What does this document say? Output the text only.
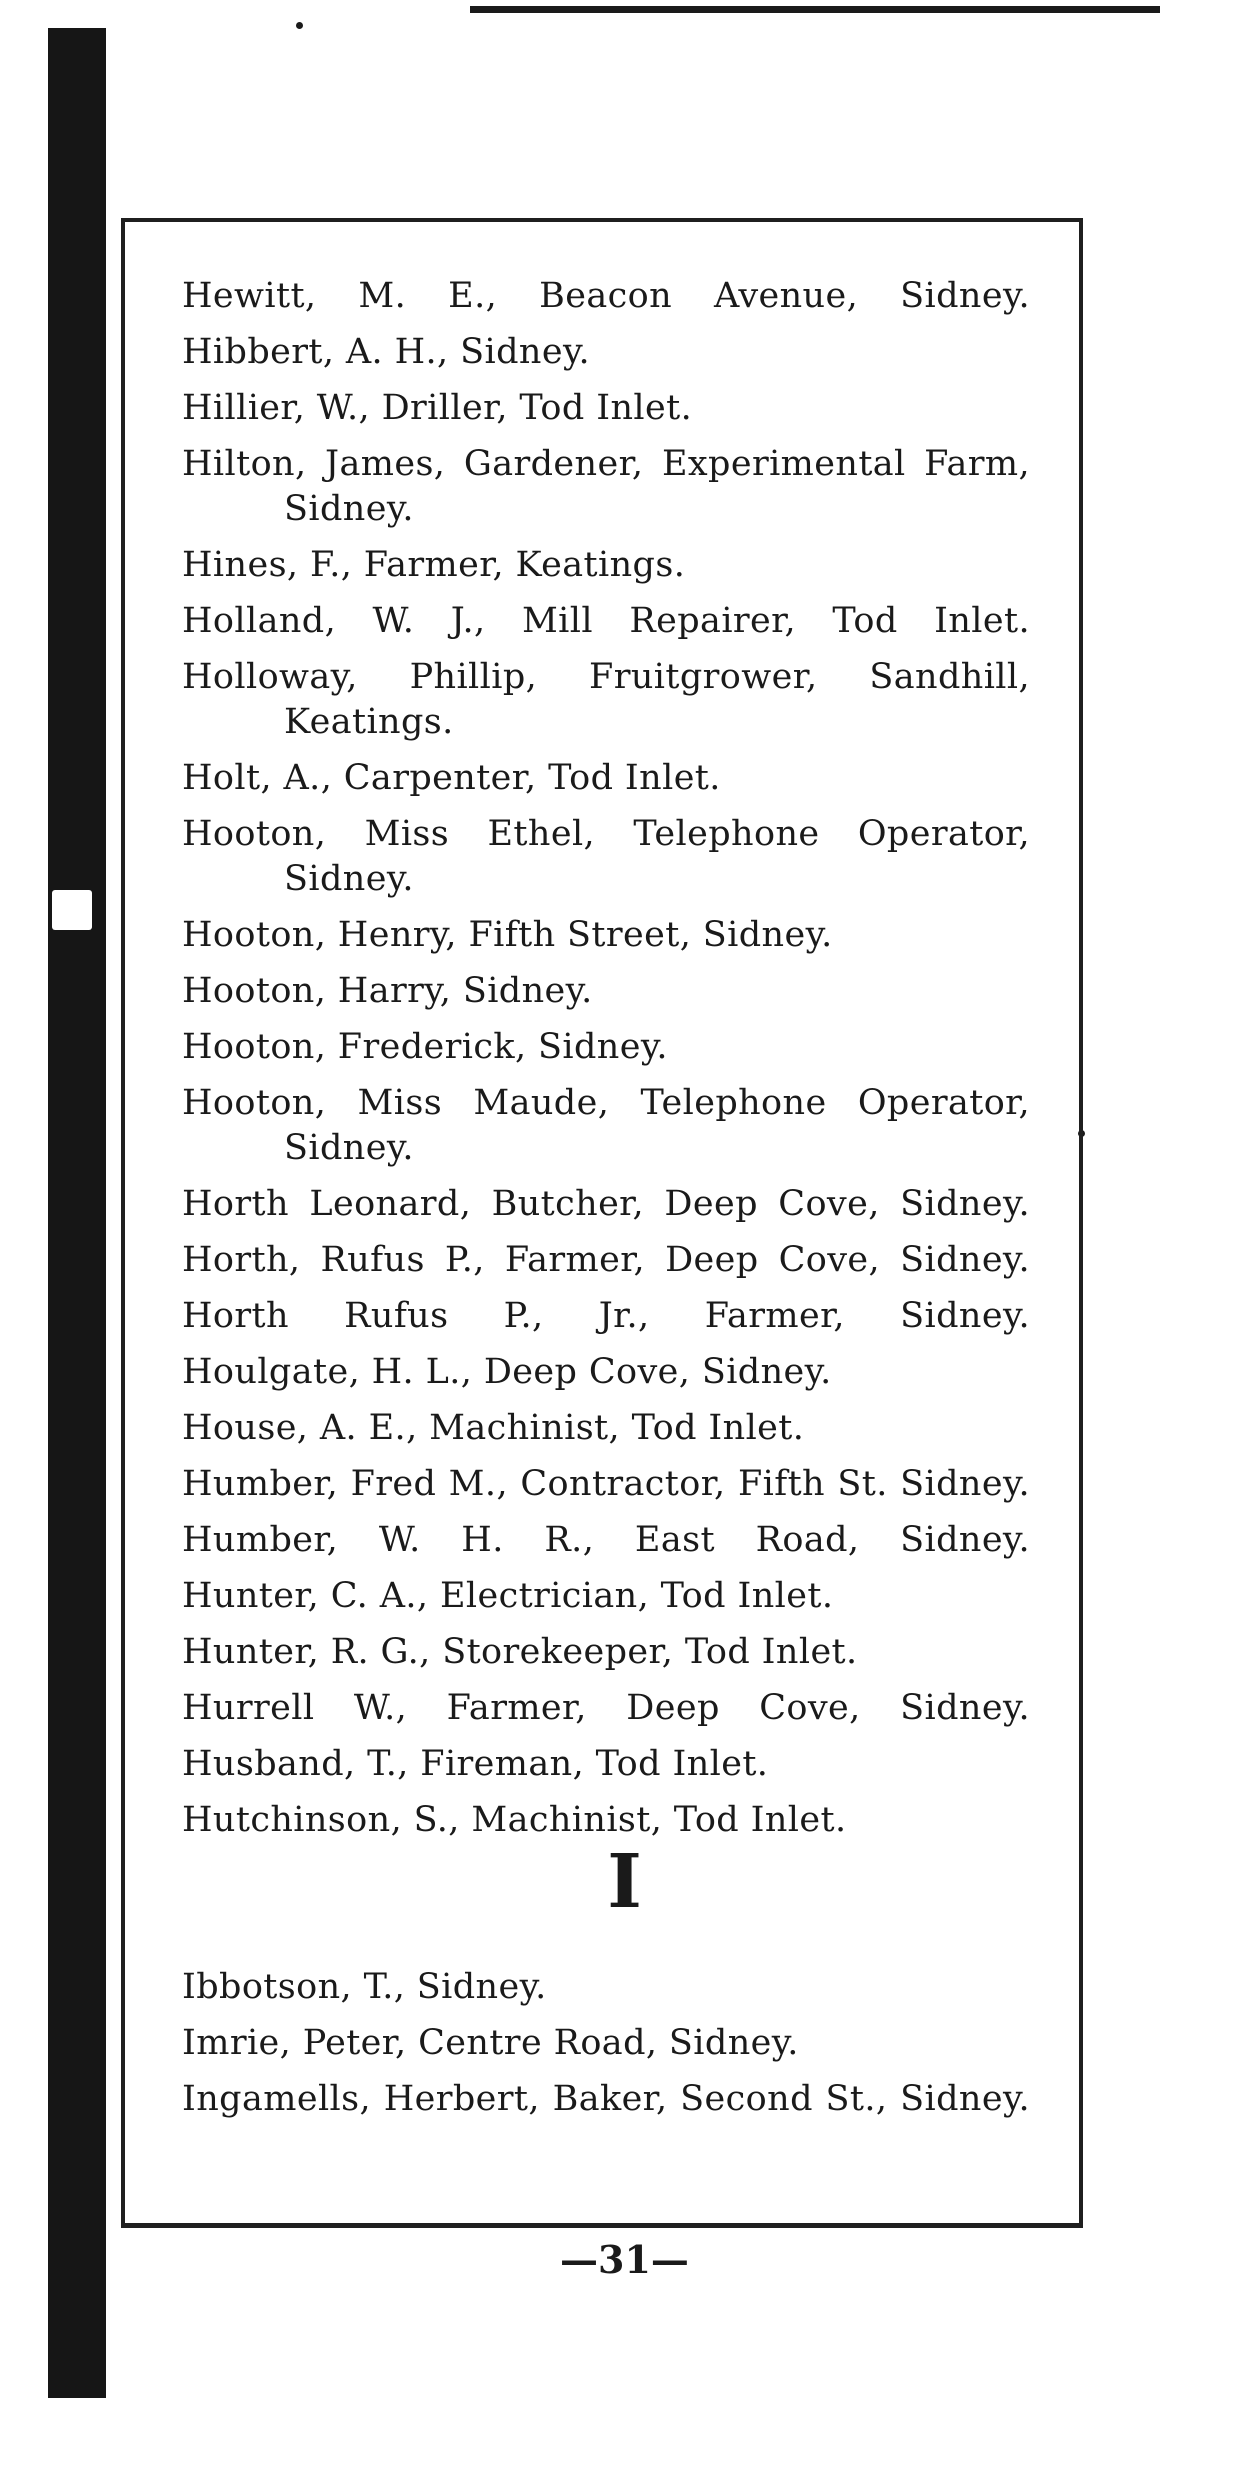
Hewitt, M. E., Beacon Avenue, Sidney.
Hibbert, A. H., Sidney.
Hillier, W., Driller, Tod Inlet.
Hilton, James, Gardener, Experimental Farm, Sidney.
Hines, F., Farmer, Keatings.
Holland, W. J., Mill Repairer, Tod Inlet.
Holloway, Phillip, Fruitgrower, Sandhill, Keatings.
Holt, A., Carpenter, Tod Inlet.
Hooton, Miss Ethel, Telephone Operator, Sidney.
Hooton, Henry, Fifth Street, Sidney.
Hooton, Harry, Sidney.
Hooton, Frederick, Sidney.
Hooton, Miss Maude, Telephone Operator, Sidney.
Horth Leonard, Butcher, Deep Cove, Sidney.
Horth, Rufus P., Farmer, Deep Cove, Sidney.
Horth Rufus P., Jr., Farmer, Sidney.
Houlgate, H. L., Deep Cove, Sidney.
House, A. E., Machinist, Tod Inlet.
Humber, Fred M., Contractor, Fifth St. Sidney.
Humber, W. H. R., East Road, Sidney.
Hunter, C. A., Electrician, Tod Inlet.
Hunter, R. G., Storekeeper, Tod Inlet.
Hurrell W., Farmer, Deep Cove, Sidney.
Husband, T., Fireman, Tod Inlet.
Hutchinson, S., Machinist, Tod Inlet.
I
Ibbotson, T., Sidney.
Imrie, Peter, Centre Road, Sidney.
Ingamells, Herbert, Baker, Second St., Sidney.
—31—
